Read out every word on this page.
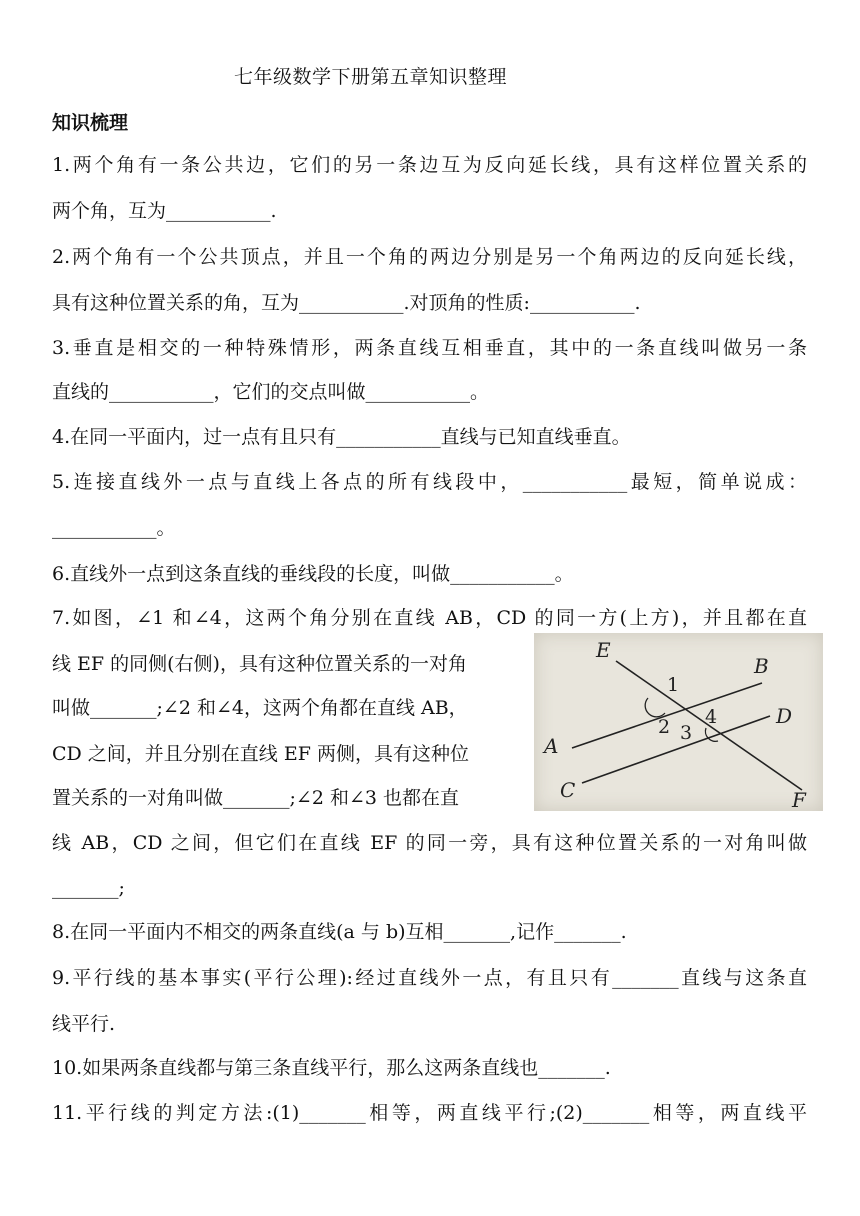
七年级数学下册第五章知识整理
知识梳理
1.两个角有一条公共边，它们的另一条边互为反向延长线，具有这样位置关系的
两个角，互为___________.
2.两个角有一个公共顶点，并且一个角的两边分别是另一个角两边的反向延长线，
具有这种位置关系的角，互为___________.对顶角的性质:___________.
3.垂直是相交的一种特殊情形，两条直线互相垂直，其中的一条直线叫做另一条
直线的___________，它们的交点叫做___________。
4.在同一平面内，过一点有且只有___________直线与已知直线垂直。
5.连接直线外一点与直线上各点的所有线段中，___________最短，简单说成：
___________。
6.直线外一点到这条直线的垂线段的长度，叫做___________。
7.如图，∠1 和∠4，这两个角分别在直线 AB，CD 的同一方(上方)，并且都在直
线 EF 的同侧(右侧)，具有这种位置关系的一对角
叫做_______;∠2 和∠4，这两个角都在直线 AB，
CD 之间，并且分别在直线 EF 两侧，具有这种位
置关系的一对角叫做_______;∠2 和∠3 也都在直
线 AB，CD 之间，但它们在直线 EF 的同一旁，具有这种位置关系的一对角叫做
_______;
8.在同一平面内不相交的两条直线(a 与 b)互相_______,记作_______.
9.平行线的基本事实(平行公理):经过直线外一点，有且只有_______直线与这条直
线平行.
10.如果两条直线都与第三条直线平行，那么这两条直线也_______.
11.平行线的判定方法:(1)_______相等，两直线平行;(2)_______相等，两直线平
E
B
D
A
C	F
1
2 3
4
